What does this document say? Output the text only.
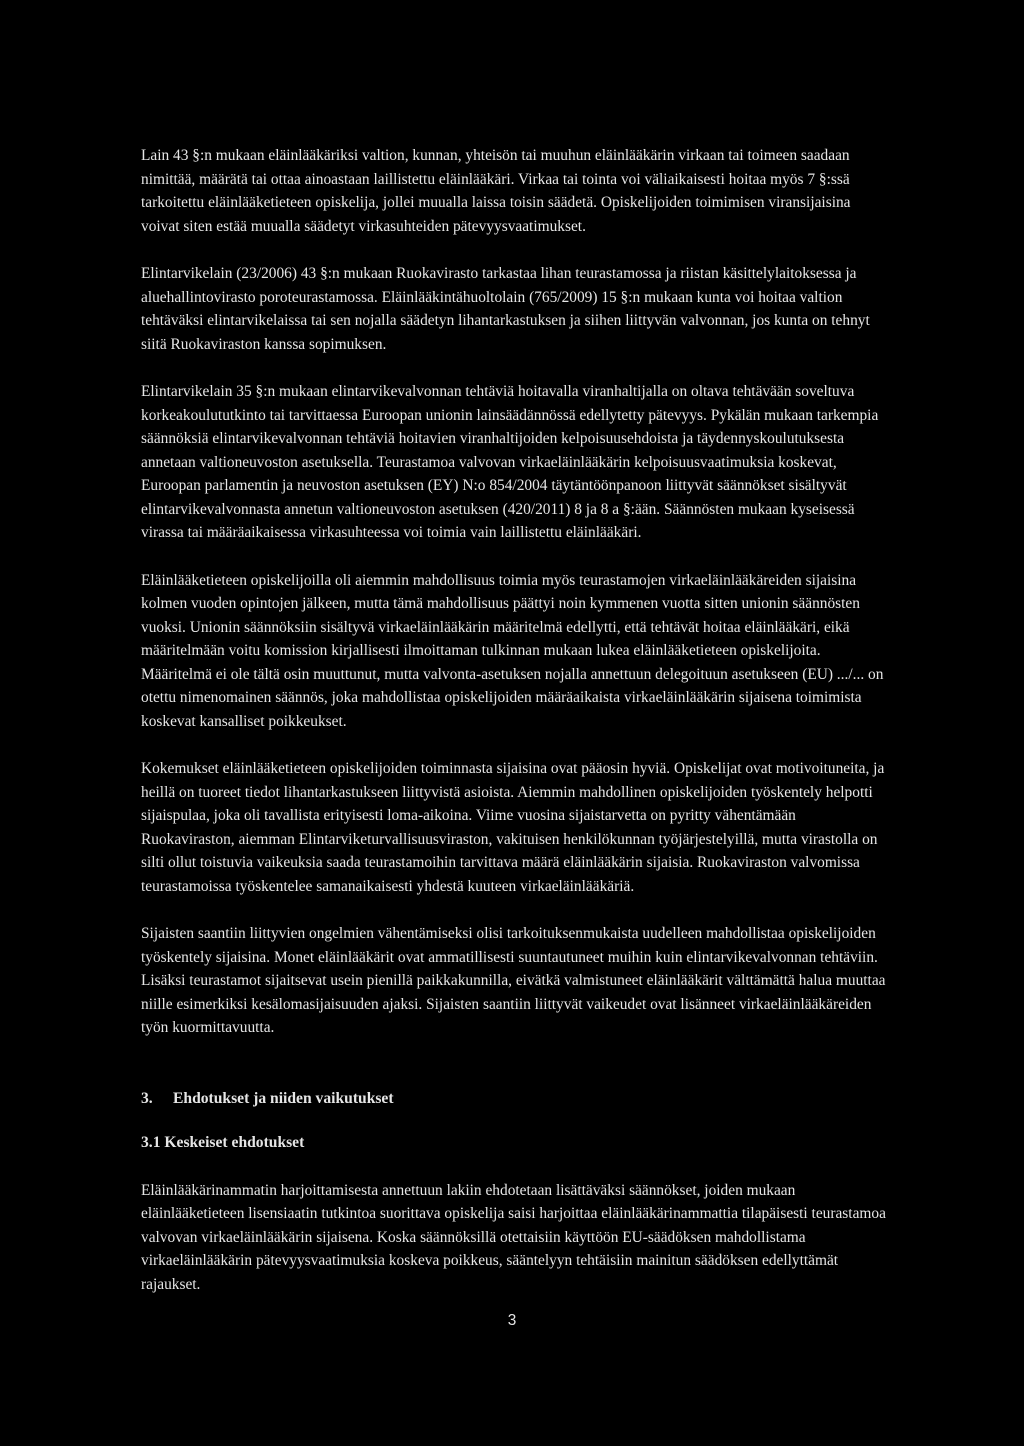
Lain 43 §:n mukaan eläinlääkäriksi valtion, kunnan, yhteisön tai muuhun eläinlääkärin virkaan tai toimeen saadaan nimittää, määrätä tai ottaa ainoastaan laillistettu eläinlääkäri. Virkaa tai tointa voi väliaikaisesti hoitaa myös 7 §:ssä tarkoitettu eläinlääketieteen opiskelija, jollei muualla laissa toisin säädetä. Opiskelijoiden toimimisen viransijaisina voivat siten estää muualla säädetyt virkasuhteiden pätevyysvaatimukset.

Elintarvikelain (23/2006) 43 §:n mukaan Ruokavirasto tarkastaa lihan teurastamossa ja riistan käsittelylaitoksessa ja aluehallintovirasto poroteurastamossa. Eläinlääkintähuoltolain (765/2009) 15 §:n mukaan kunta voi hoitaa valtion tehtäväksi elintarvikelaissa tai sen nojalla säädetyn lihantarkastuksen ja siihen liittyvän valvonnan, jos kunta on tehnyt siitä Ruokaviraston kanssa sopimuksen.

Elintarvikelain 35 §:n mukaan elintarvikevalvonnan tehtäviä hoitavalla viranhaltijalla on oltava tehtävään soveltuva korkeakoulututkinto tai tarvittaessa Euroopan unionin lainsäädännössä edellytetty pätevyys. Pykälän mukaan tarkempia säännöksiä elintarvikevalvonnan tehtäviä hoitavien viranhaltijoiden kelpoisuusehdoista ja täydennyskoulutuksesta annetaan valtioneuvoston asetuksella. Teurastamoa valvovan virkaeläinlääkärin kelpoisuusvaatimuksia koskevat, Euroopan parlamentin ja neuvoston asetuksen (EY) N:o 854/2004 täytäntöönpanoon liittyvät säännökset sisältyvät elintarvikevalvonnasta annetun valtioneuvoston asetuksen (420/2011) 8 ja 8 a §:ään. Säännösten mukaan kyseisessä virassa tai määräaikaisessa virkasuhteessa voi toimia vain laillistettu eläinlääkäri.

Eläinlääketieteen opiskelijoilla oli aiemmin mahdollisuus toimia myös teurastamojen virkaeläinlääkäreiden sijaisina kolmen vuoden opintojen jälkeen, mutta tämä mahdollisuus päättyi noin kymmenen vuotta sitten unionin säännösten vuoksi. Unionin säännöksiin sisältyvä virkaeläinlääkärin määritelmä edellytti, että tehtävät hoitaa eläinlääkäri, eikä määritelmään voitu komission kirjallisesti ilmoittaman tulkinnan mukaan lukea eläinlääketieteen opiskelijoita. Määritelmä ei ole tältä osin muuttunut, mutta valvonta-asetuksen nojalla annettuun delegoituun asetukseen (EU) .../... on otettu nimenomainen säännös, joka mahdollistaa opiskelijoiden määräaikaista virkaeläinlääkärin sijaisena toimimista koskevat kansalliset poikkeukset.

Kokemukset eläinlääketieteen opiskelijoiden toiminnasta sijaisina ovat pääosin hyviä. Opiskelijat ovat motivoituneita, ja heillä on tuoreet tiedot lihantarkastukseen liittyvistä asioista. Aiemmin mahdollinen opiskelijoiden työskentely helpotti sijaispulaa, joka oli tavallista erityisesti loma-aikoina. Viime vuosina sijaistarvetta on pyritty vähentämään Ruokaviraston, aiemman Elintarviketurvallisuusviraston, vakituisen henkilökunnan työjärjestelyillä, mutta virastolla on silti ollut toistuvia vaikeuksia saada teurastamoihin tarvittava määrä eläinlääkärin sijaisia. Ruokaviraston valvomissa teurastamoissa työskentelee samanaikaisesti yhdestä kuuteen virkaeläinlääkäriä.

Sijaisten saantiin liittyvien ongelmien vähentämiseksi olisi tarkoituksenmukaista uudelleen mahdollistaa opiskelijoiden työskentely sijaisina. Monet eläinlääkärit ovat ammatillisesti suuntautuneet muihin kuin elintarvikevalvonnan tehtäviin. Lisäksi teurastamot sijaitsevat usein pienillä paikkakunnilla, eivätkä valmistuneet eläinlääkärit välttämättä halua muuttaa niille esimerkiksi kesälomasijaisuuden ajaksi. Sijaisten saantiin liittyvät vaikeudet ovat lisänneet virkaeläinlääkäreiden työn kuormittavuutta.

3. Ehdotukset ja niiden vaikutukset
3.1 Keskeiset ehdotukset

Eläinlääkärinammatin harjoittamisesta annettuun lakiin ehdotetaan lisättäväksi säännökset, joiden mukaan eläinlääketieteen lisensiaatin tutkintoa suorittava opiskelija saisi harjoittaa eläinlääkärinammattia tilapäisesti teurastamoa valvovan virkaeläinlääkärin sijaisena. Koska säännöksillä otettaisiin käyttöön EU-säädöksen mahdollistama virkaeläinlääkärin pätevyysvaatimuksia koskeva poikkeus, sääntelyyn tehtäisiin mainitun säädöksen edellyttämät rajaukset.

3
